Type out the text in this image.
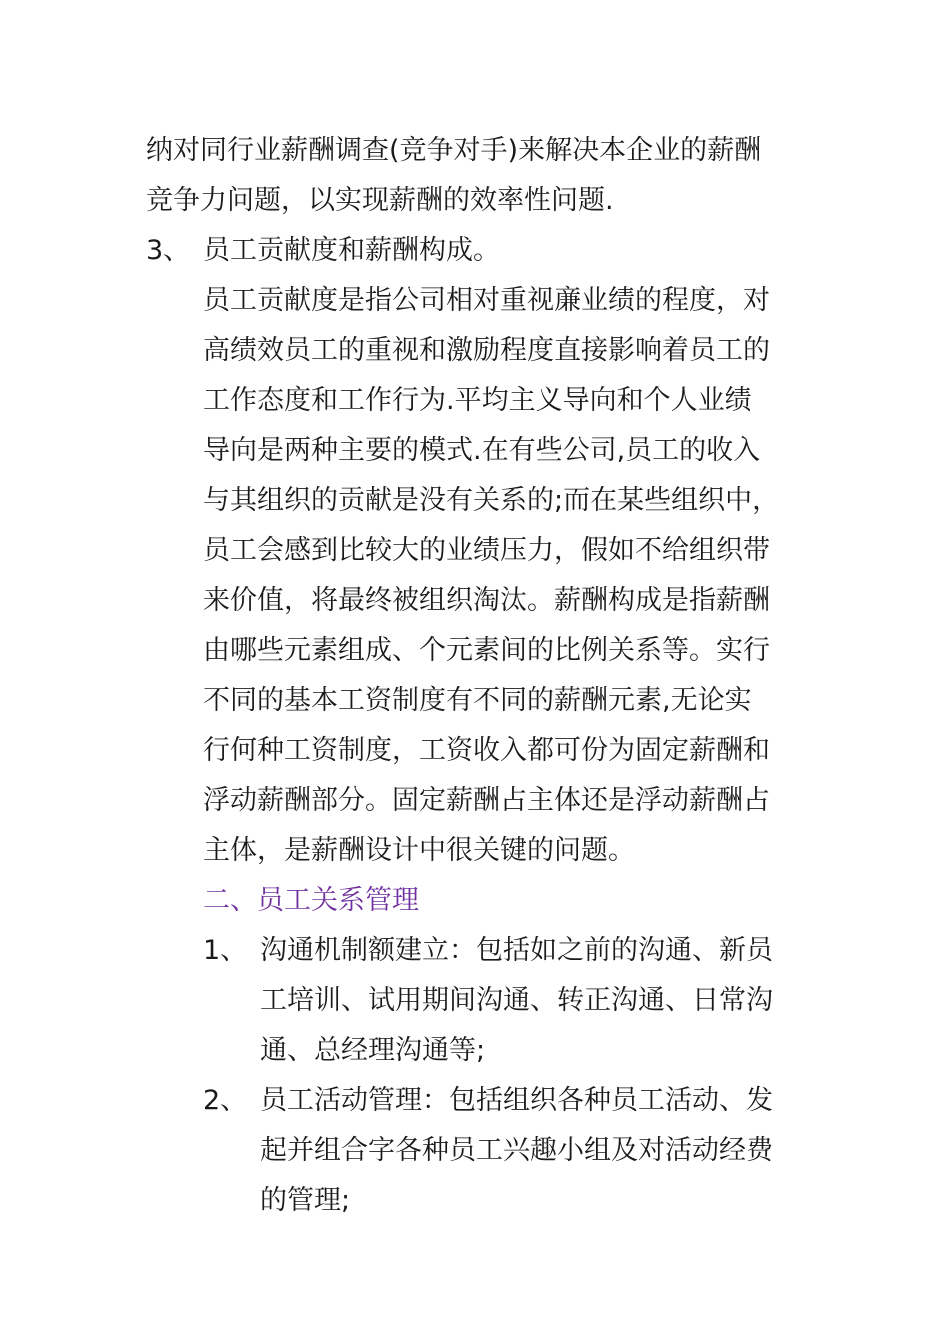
纳对同行业薪酬调查(竞争对手)来解决本企业的薪酬
竞争力问题，以实现薪酬的效率性问题.
3、 员工贡献度和薪酬构成。
员工贡献度是指公司相对重视亷业绩的程度，对
高绩效员工的重视和激励程度直接影响着员工的
工作态度和工作行为.平均主义导向和个人业绩
导向是两种主要的模式.在有些公司,员工的收入
与其组织的贡献是没有关系的;而在某些组织中，
员工会感到比较大的业绩压力，假如不给组织带
来价值，将最终被组织淘汰。薪酬构成是指薪酬
由哪些元素组成、个元素间的比例关系等。实行
不同的基本工资制度有不同的薪酬元素,无论实
行何种工资制度，工资收入都可份为固定薪酬和
浮动薪酬部分。固定薪酬占主体还是浮动薪酬占
主体，是薪酬设计中很关键的问题。
二、员工关系管理
1、 沟通机制额建立：包括如之前的沟通、新员
工培训、试用期间沟通、转正沟通、日常沟
通、总经理沟通等;
2、 员工活动管理：包括组织各种员工活动、发
起并组合字各种员工兴趣小组及对活动经费
的管理;
